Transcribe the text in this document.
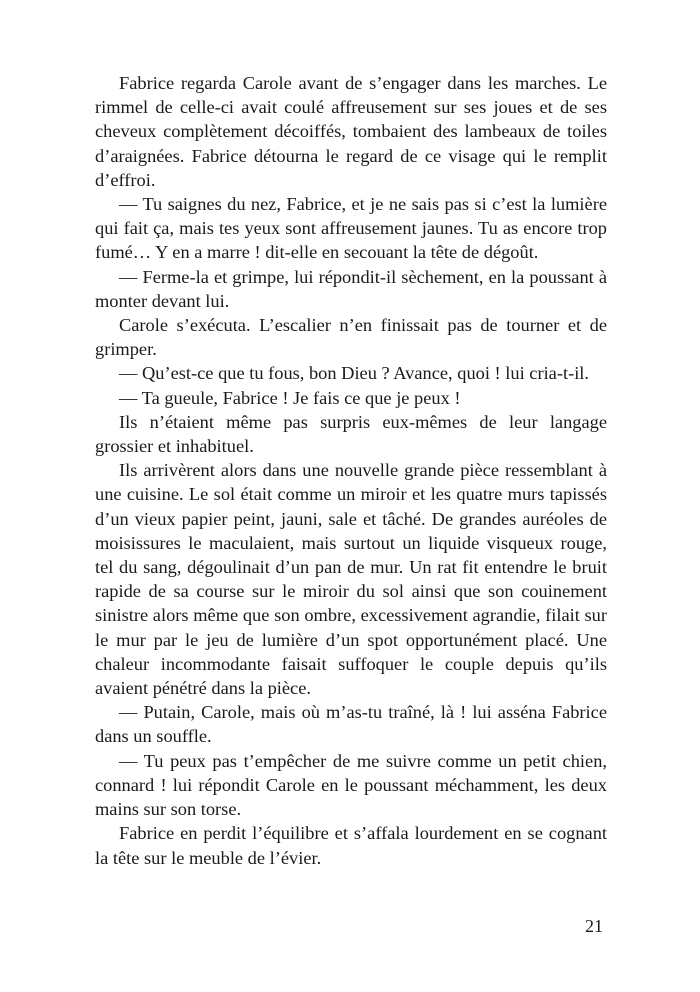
Fabrice regarda Carole avant de s’engager dans les marches. Le rimmel de celle-ci avait coulé affreusement sur ses joues et de ses cheveux complètement décoiffés, tombaient des lambeaux de toiles d’araignées. Fabrice détourna le regard de ce visage qui le remplit d’effroi.

— Tu saignes du nez, Fabrice, et je ne sais pas si c’est la lumière qui fait ça, mais tes yeux sont affreusement jaunes. Tu as encore trop fumé… Y en a marre ! dit-elle en secouant la tête de dégoût.

— Ferme-la et grimpe, lui répondit-il sèchement, en la poussant à monter devant lui.

Carole s’exécuta. L’escalier n’en finissait pas de tourner et de grimper.

— Qu’est-ce que tu fous, bon Dieu ? Avance, quoi ! lui cria-t-il.

— Ta gueule, Fabrice ! Je fais ce que je peux !

Ils n’étaient même pas surpris eux-mêmes de leur langage grossier et inhabituel.

Ils arrivèrent alors dans une nouvelle grande pièce ressemblant à une cuisine. Le sol était comme un miroir et les quatre murs tapissés d’un vieux papier peint, jauni, sale et tâché. De grandes auréoles de moisissures le maculaient, mais surtout un liquide visqueux rouge, tel du sang, dégoulinait d’un pan de mur. Un rat fit entendre le bruit rapide de sa course sur le miroir du sol ainsi que son couinement sinistre alors même que son ombre, excessivement agrandie, filait sur le mur par le jeu de lumière d’un spot opportunément placé. Une chaleur incommodante faisait suffoquer le couple depuis qu’ils avaient pénétré dans la pièce.

— Putain, Carole, mais où m’as-tu traîné, là ! lui asséna Fabrice dans un souffle.

— Tu peux pas t’empêcher de me suivre comme un petit chien, connard ! lui répondit Carole en le poussant méchamment, les deux mains sur son torse.

Fabrice en perdit l’équilibre et s’affala lourdement en se cognant la tête sur le meuble de l’évier.

21
